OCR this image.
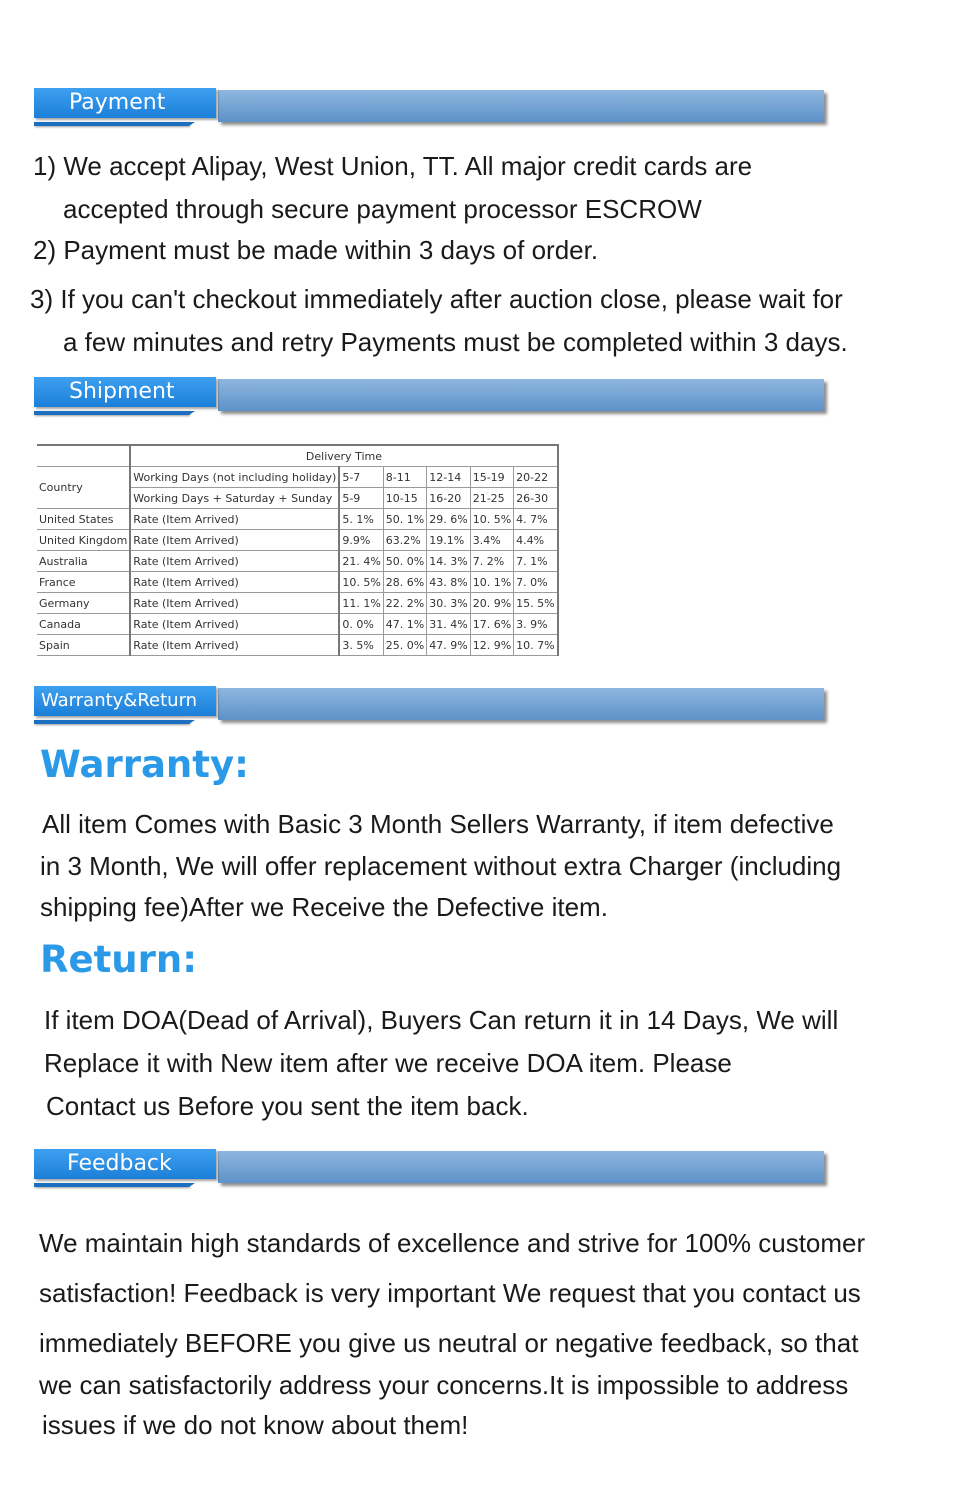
Payment

1) We accept Alipay, West Union, TT. All major credit cards are

accepted through secure payment processor ESCROW

2) Payment must be made within 3 days of order.

3) If you can't checkout immediately after auction close, please wait for

a few minutes and retry Payments must be completed within 3 days.

Shipment
	Delivery Time					
Country	Working Days (not including holiday)	5-7	8-11	12-14	15-19	20-22
	Working Days + Saturday + Sunday	5-9	10-15	16-20	21-25	26-30
United States	Rate (Item Arrived)	5. 1%	50. 1%	29. 6%	10. 5%	4. 7%
United Kingdom	Rate (Item Arrived)	9.9%	63.2%	19.1%	3.4%	4.4%
Australia	Rate (Item Arrived)	21. 4%	50. 0%	14. 3%	7. 2%	7. 1%
France	Rate (Item Arrived)	10. 5%	28. 6%	43. 8%	10. 1%	7. 0%
Germany	Rate (Item Arrived)	11. 1%	22. 2%	30. 3%	20. 9%	15. 5%
Canada	Rate (Item Arrived)	0. 0%	47. 1%	31. 4%	17. 6%	3. 9%
Spain	Rate (Item Arrived)	3. 5%	25. 0%	47. 9%	12. 9%	10. 7%
Warranty&Return
Warranty:

All item Comes with Basic 3 Month Sellers Warranty, if item defective

in 3 Month, We will offer replacement without extra Charger (including

shipping fee)After we Receive the Defective item.

Return:

If item DOA(Dead of Arrival), Buyers Can return it in 14 Days, We will

Replace it with New item after we receive DOA item. Please

Contact us Before you sent the item back.

Feedback

We maintain high standards of excellence and strive for 100% customer

satisfaction! Feedback is very important We request that you contact us

immediately BEFORE you give us neutral or negative feedback, so that

we can satisfactorily address your concerns.It is impossible to address

issues if we do not know about them!
